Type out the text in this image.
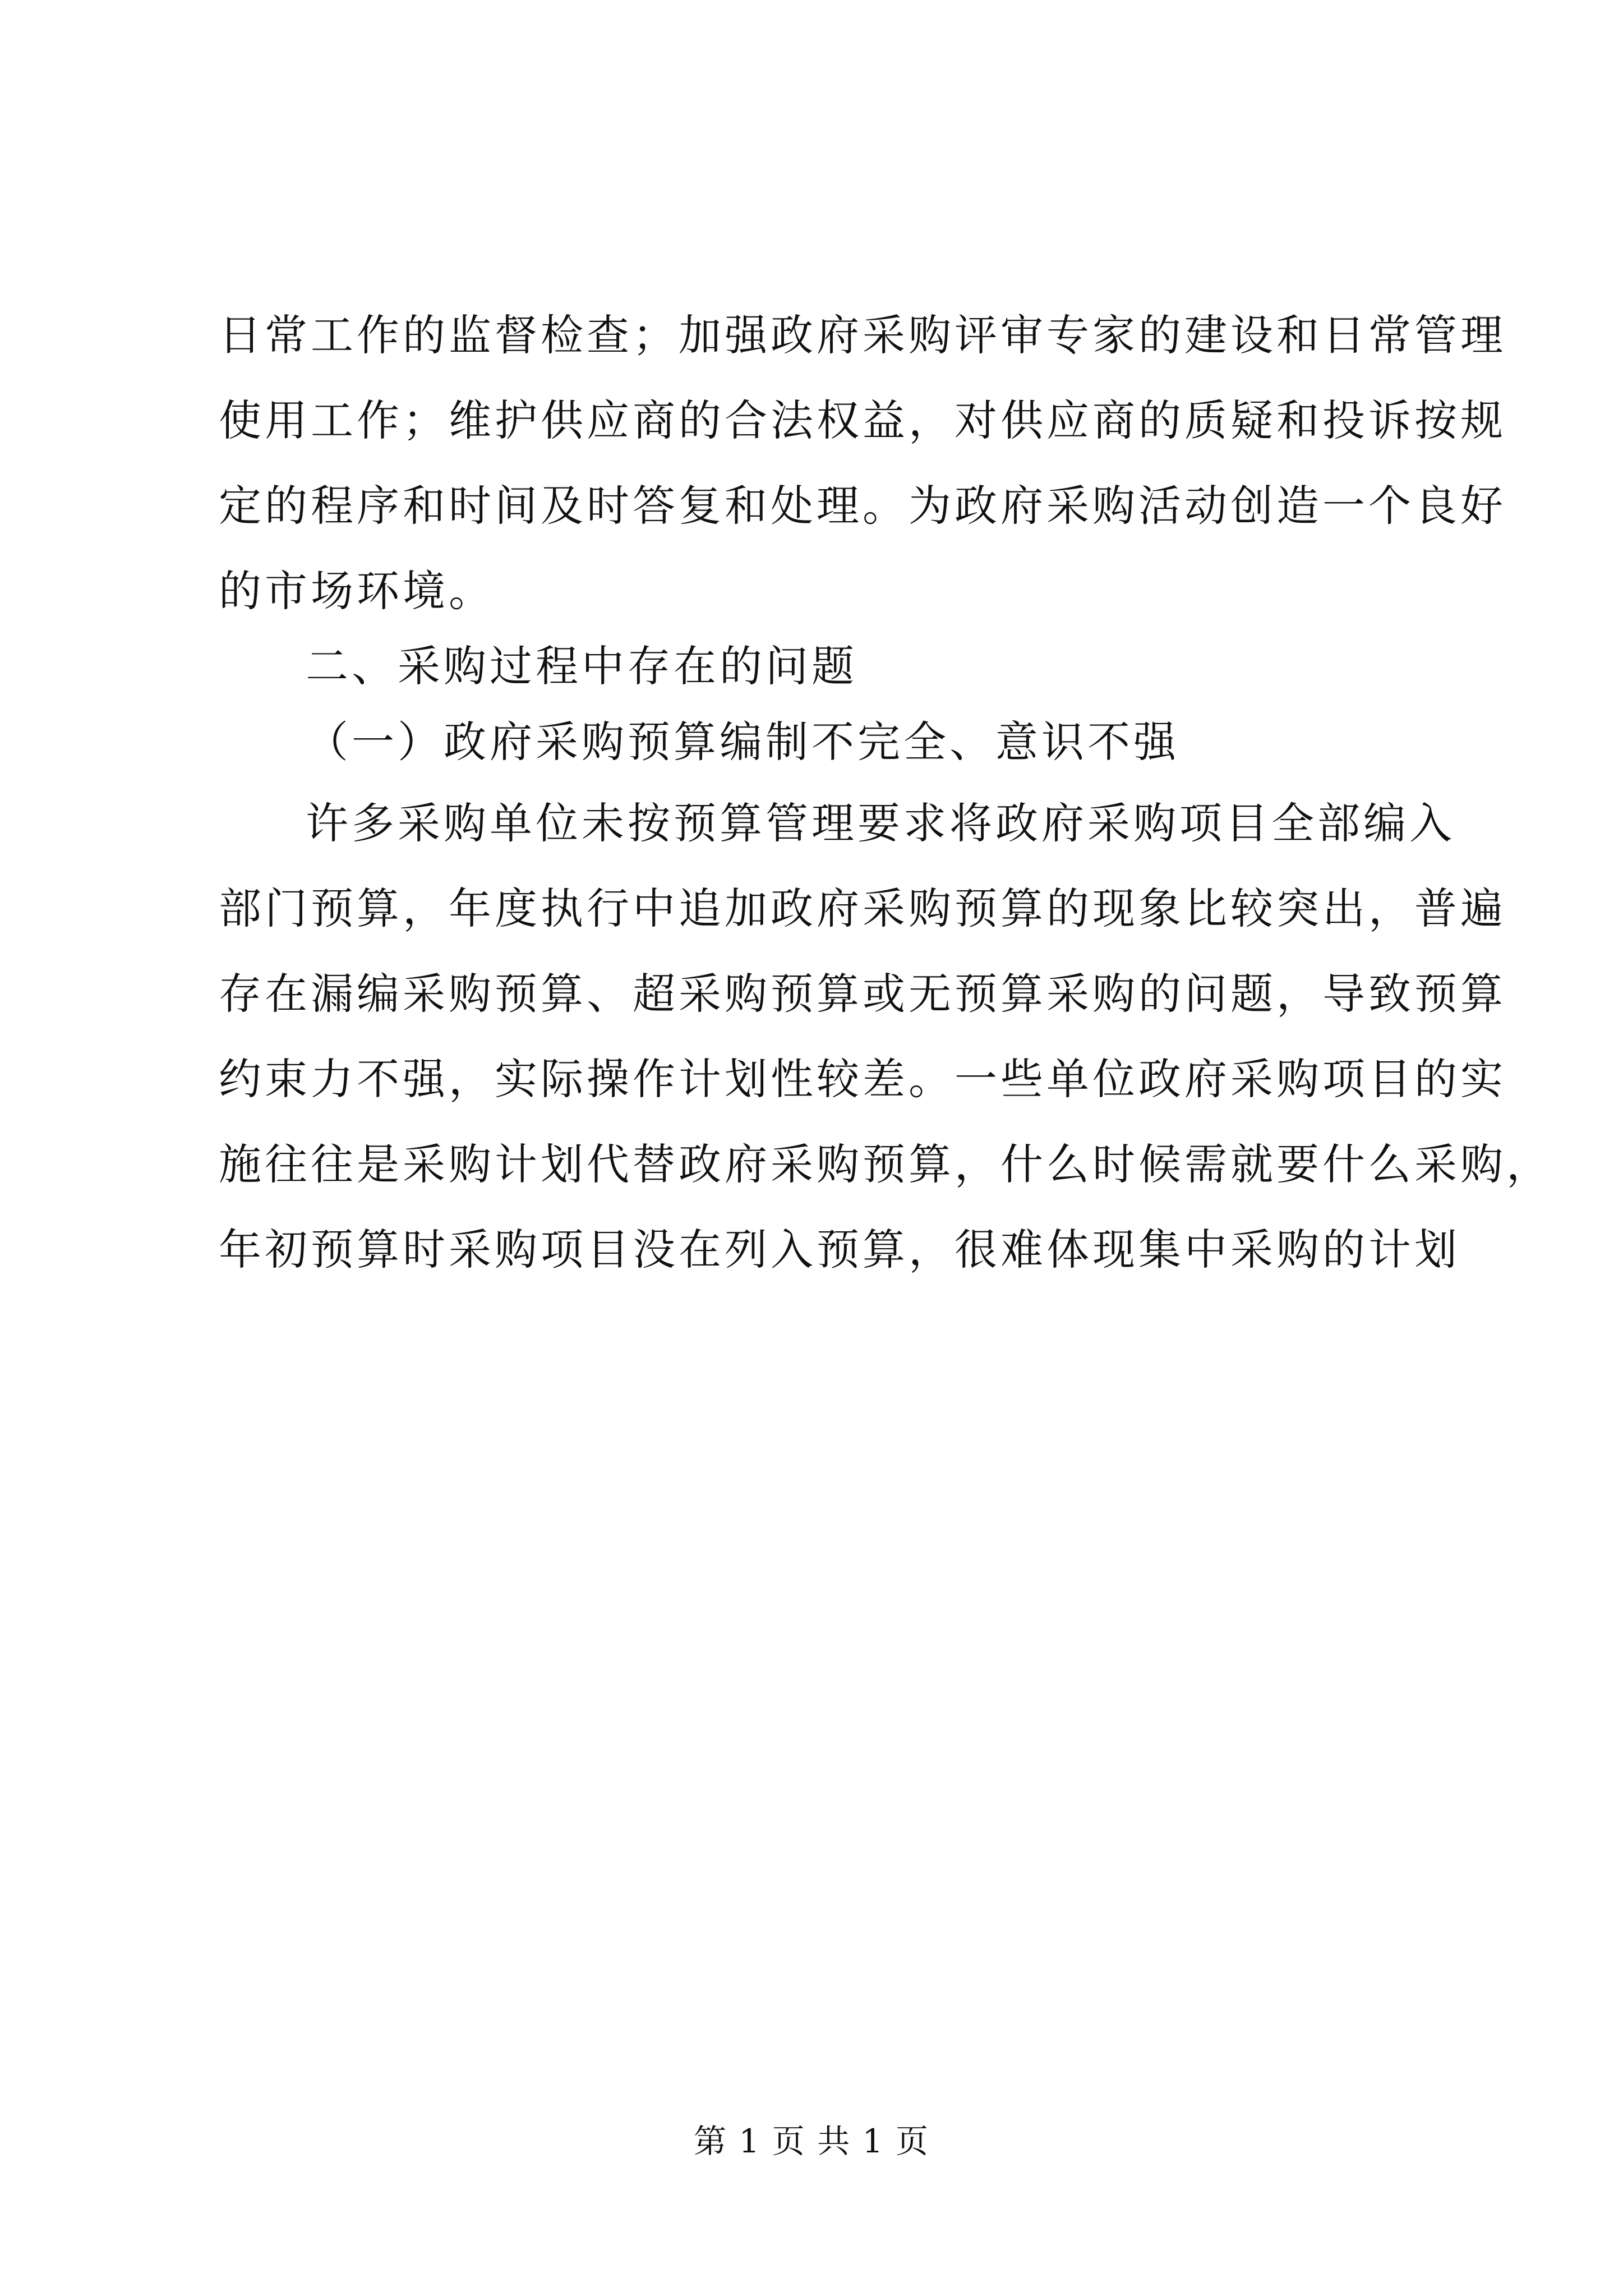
日常工作的监督检查；加强政府采购评审专家的建设和日常管理
使用工作；维护供应商的合法权益，对供应商的质疑和投诉按规
定的程序和时间及时答复和处理。为政府采购活动创造一个良好
的市场环境。
二、采购过程中存在的问题
（一）政府采购预算编制不完全、意识不强
许多采购单位未按预算管理要求将政府采购项目全部编入
部门预算，年度执行中追加政府采购预算的现象比较突出，普遍
存在漏编采购预算、超采购预算或无预算采购的问题，导致预算
约束力不强，实际操作计划性较差。一些单位政府采购项目的实
施往往是采购计划代替政府采购预算，什么时候需就要什么采购，
年初预算时采购项目没在列入预算，很难体现集中采购的计划
第 1 页 共 1 页
